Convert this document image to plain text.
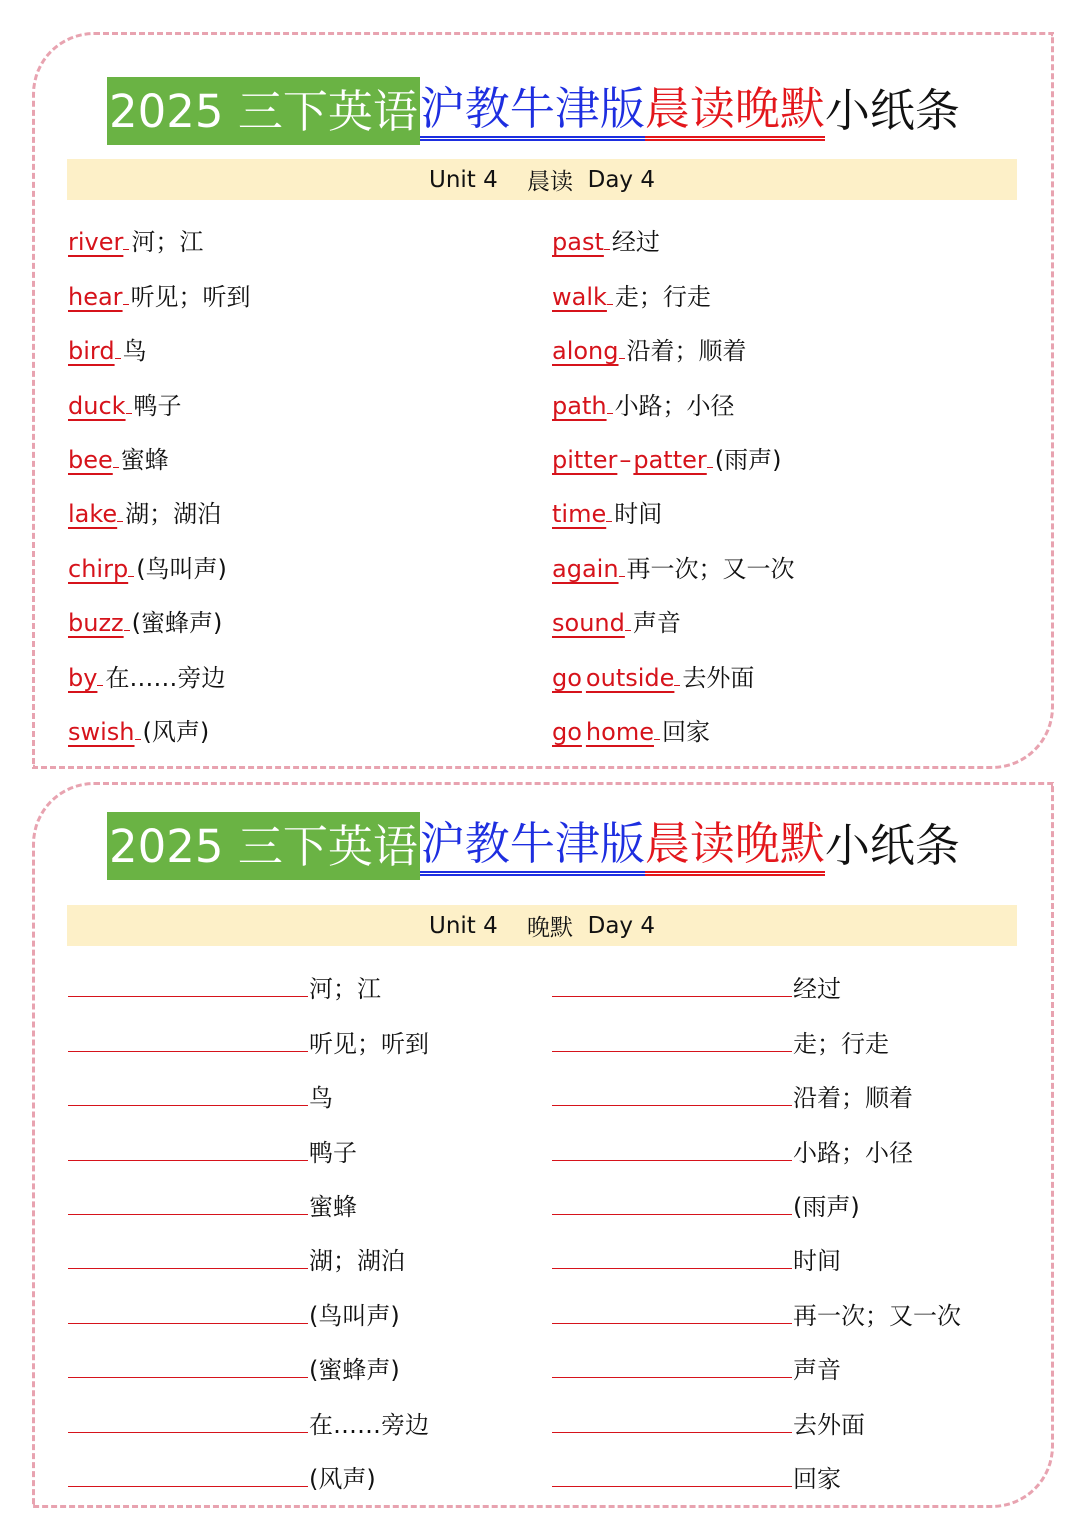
2025 三下英语 沪教牛津版 晨读晚默 小纸条
Unit 4
晨读
Day 4
river 河；江
hear 听见；听到
bird 鸟
duck 鸭子
bee 蜜蜂
lake 湖；湖泊
chirp (鸟叫声)
buzz (蜜蜂声)
by 在……旁边
swish (风声)
past 经过
walk 走；行走
along 沿着；顺着
path 小路；小径
pitter – patter (雨声)
time 时间
again 再一次；又一次
sound 声音
go outside 去外面
go home 回家
2025 三下英语 沪教牛津版 晨读晚默 小纸条
Unit 4
晚默
Day 4
河；江
听见；听到
鸟
鸭子
蜜蜂
湖；湖泊
(鸟叫声)
(蜜蜂声)
在……旁边
(风声)
经过
走；行走
沿着；顺着
小路；小径
(雨声)
时间
再一次；又一次
声音
去外面
回家
